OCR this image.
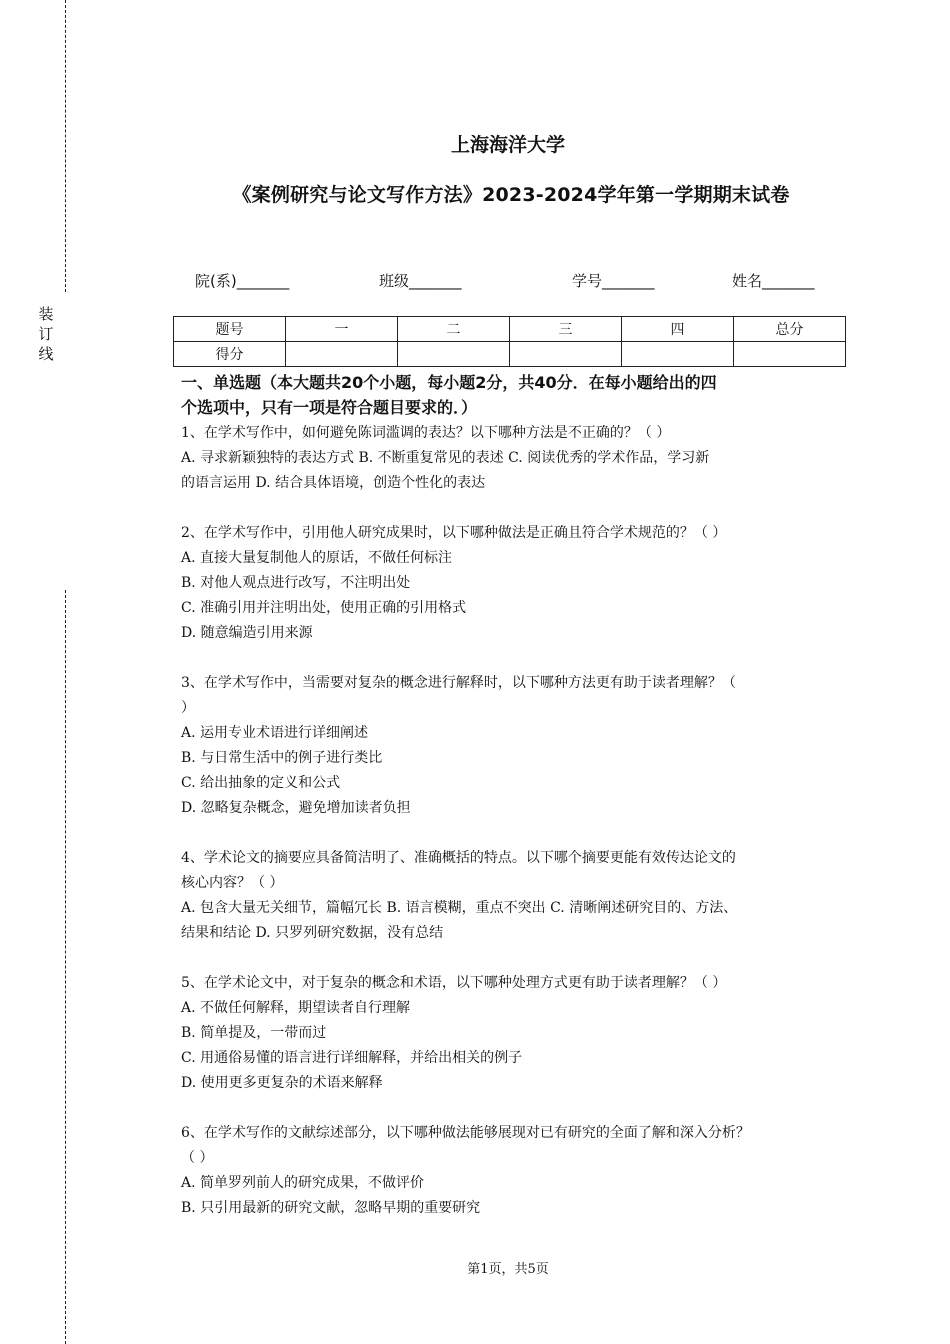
装订线
上海海洋大学
《案例研究与论文写作方法》2023-2024学年第一学期期末试卷
院(系)_______	班级_______	学号_______	姓名_______
题号	一	二	三	四	总分
得分					
一、单选题（本大题共20个小题，每小题2分，共40分．在每小题给出的四
个选项中，只有一项是符合题目要求的．）

1、在学术写作中，如何避免陈词滥调的表达？以下哪种方法是不正确的？（ ）

A. 寻求新颖独特的表达方式 B. 不断重复常见的表述 C. 阅读优秀的学术作品，学习新

的语言运用 D. 结合具体语境，创造个性化的表达

2、在学术写作中，引用他人研究成果时，以下哪种做法是正确且符合学术规范的？（ ）

A. 直接大量复制他人的原话，不做任何标注

B. 对他人观点进行改写，不注明出处

C. 准确引用并注明出处，使用正确的引用格式

D. 随意编造引用来源

3、在学术写作中，当需要对复杂的概念进行解释时，以下哪种方法更有助于读者理解？（

）

A. 运用专业术语进行详细阐述

B. 与日常生活中的例子进行类比

C. 给出抽象的定义和公式

D. 忽略复杂概念，避免增加读者负担

4、学术论文的摘要应具备简洁明了、准确概括的特点。以下哪个摘要更能有效传达论文的

核心内容？（ ）

A. 包含大量无关细节，篇幅冗长 B. 语言模糊，重点不突出 C. 清晰阐述研究目的、方法、

结果和结论 D. 只罗列研究数据，没有总结

5、在学术论文中，对于复杂的概念和术语，以下哪种处理方式更有助于读者理解？（ ）

A. 不做任何解释，期望读者自行理解

B. 简单提及，一带而过

C. 用通俗易懂的语言进行详细解释，并给出相关的例子

D. 使用更多更复杂的术语来解释

6、在学术写作的文献综述部分，以下哪种做法能够展现对已有研究的全面了解和深入分析？

（ ）

A. 简单罗列前人的研究成果，不做评价

B. 只引用最新的研究文献，忽略早期的重要研究

第1页，共5页
